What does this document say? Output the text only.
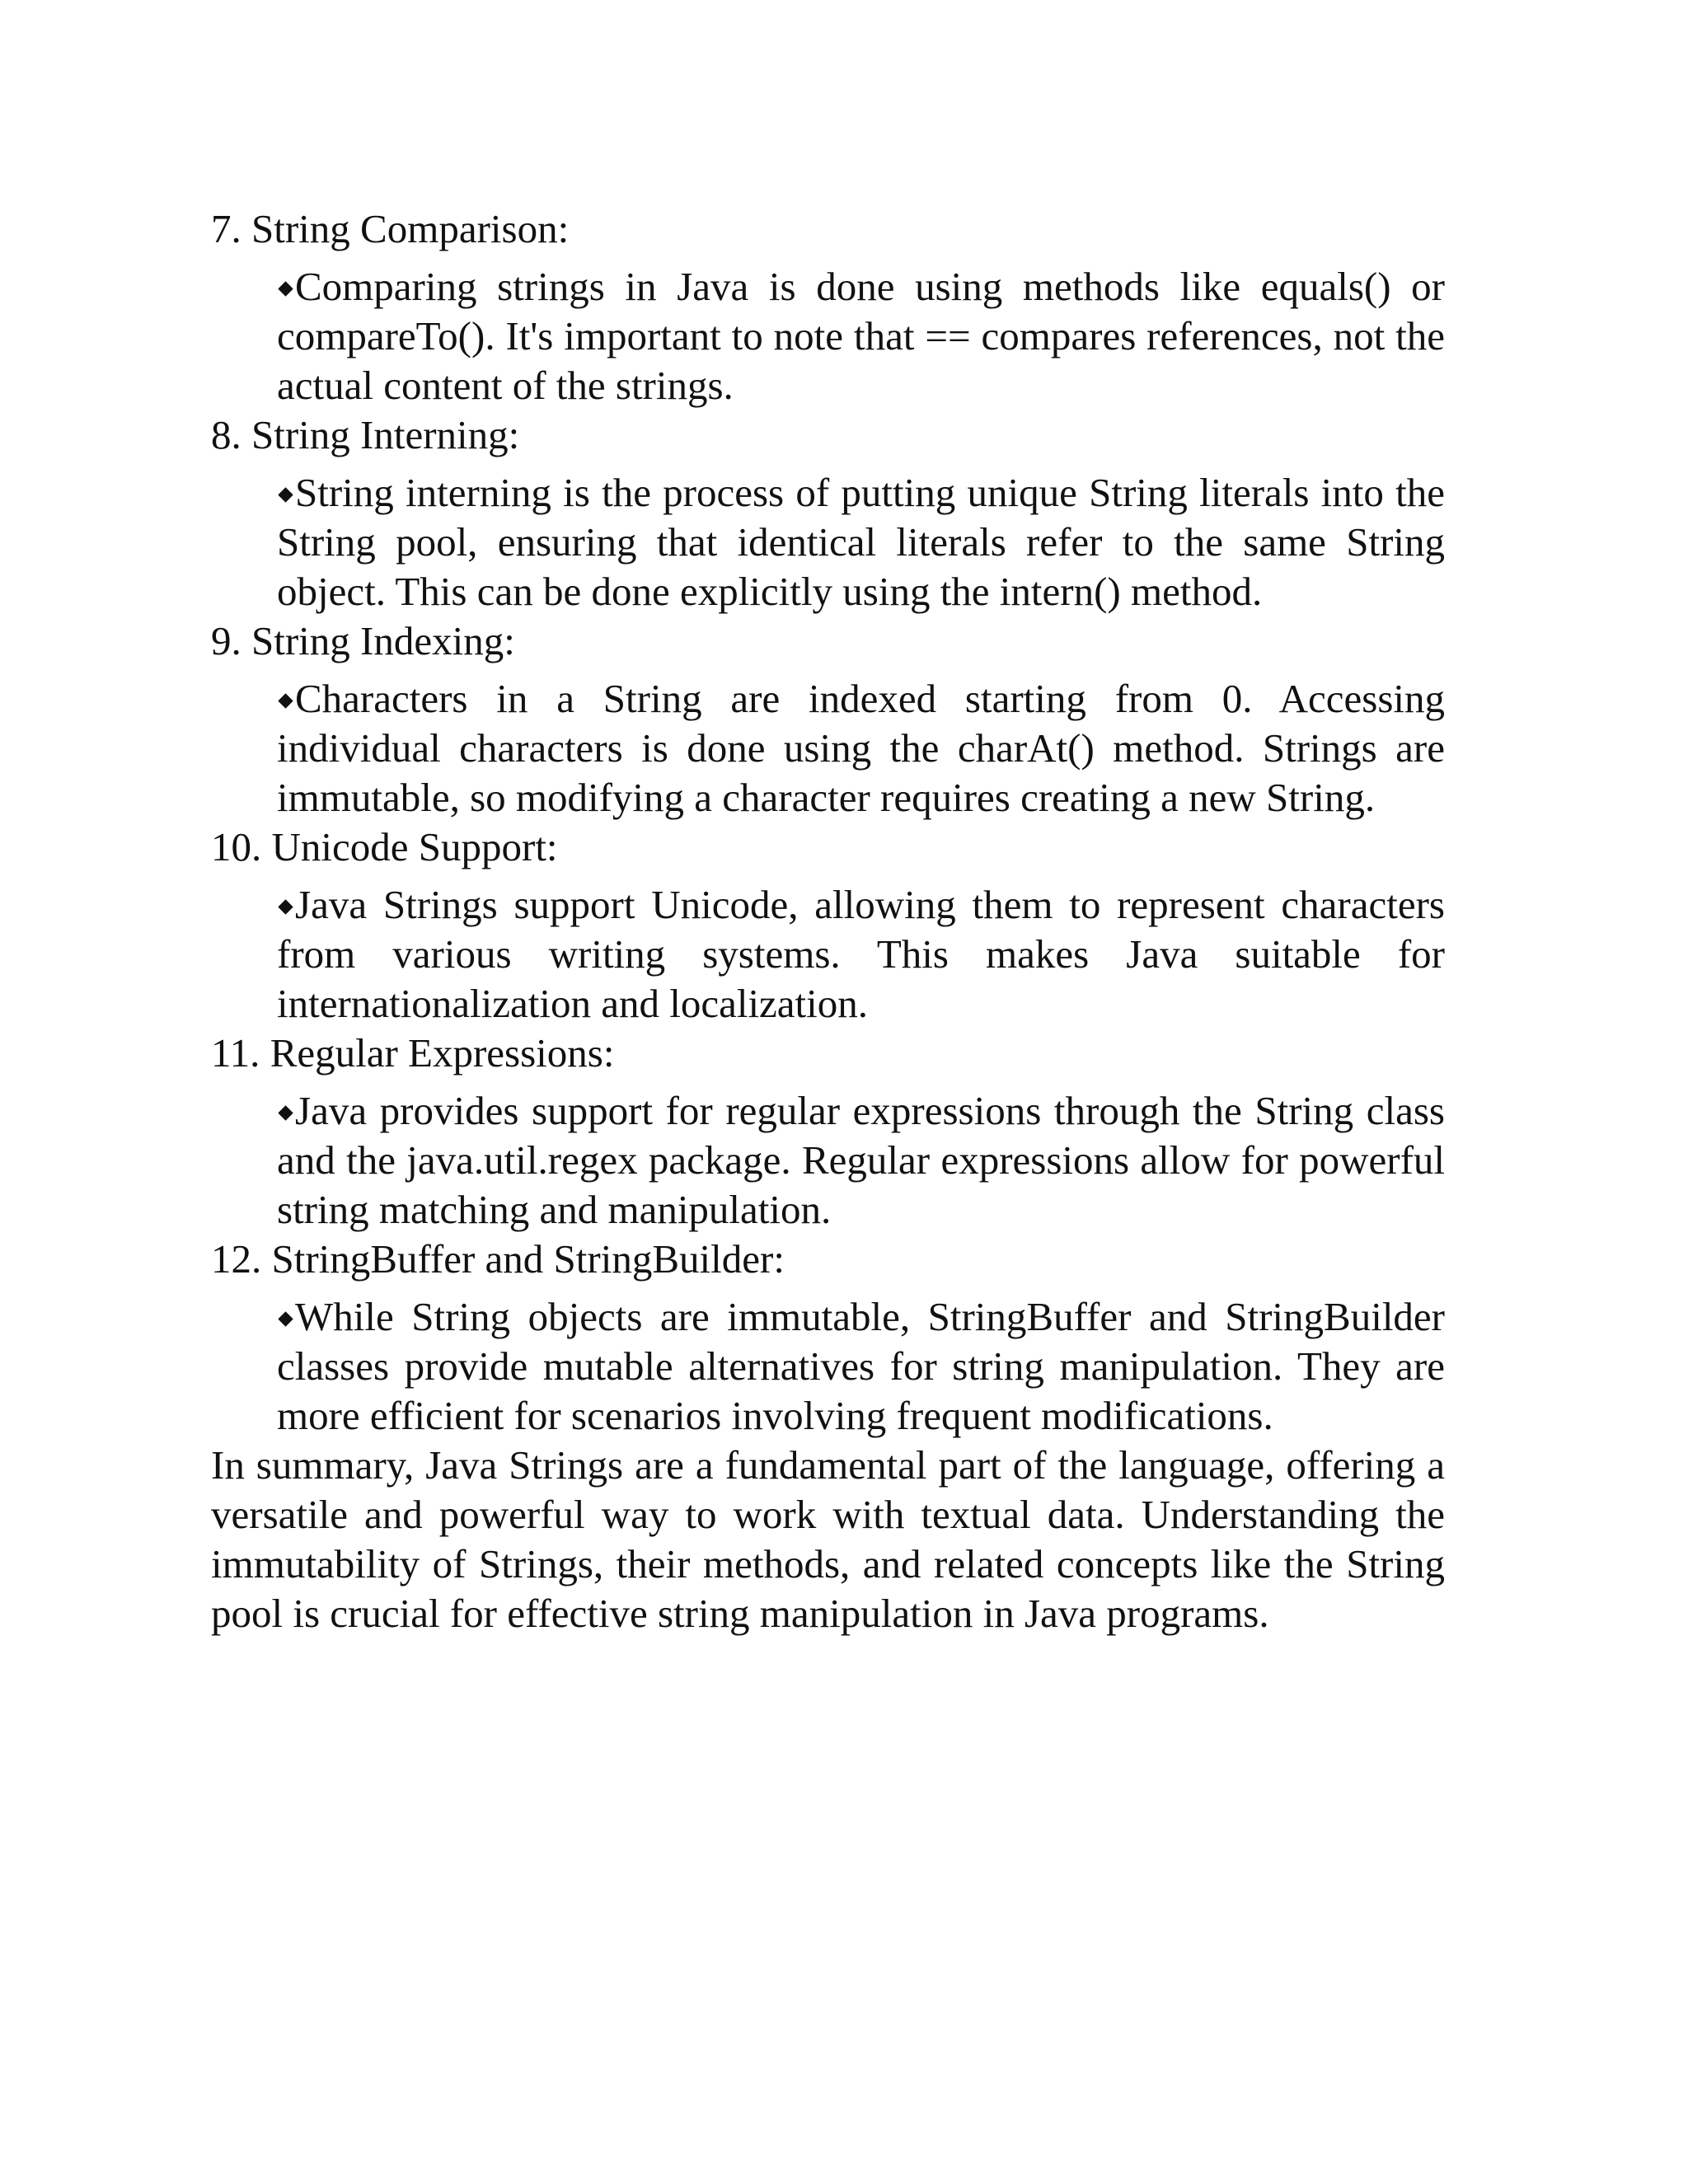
7. String Comparison:
Comparing strings in Java is done using methods like equals() or compareTo(). It's important to note that == compares references, not the actual content of the strings.
8. String Interning:
String interning is the process of putting unique String literals into the String pool, ensuring that identical literals refer to the same String object. This can be done explicitly using the intern() method.
9. String Indexing:
Characters in a String are indexed starting from 0. Accessing individual characters is done using the charAt() method. Strings are immutable, so modifying a character requires creating a new String.
10. Unicode Support:
Java Strings support Unicode, allowing them to represent characters from various writing systems. This makes Java suitable for internationalization and localization.
11. Regular Expressions:
Java provides support for regular expressions through the String class and the java.util.regex package. Regular expressions allow for powerful string matching and manipulation.
12. StringBuffer and StringBuilder:
While String objects are immutable, StringBuffer and StringBuilder classes provide mutable alternatives for string manipulation. They are more efficient for scenarios involving frequent modifications.

In summary, Java Strings are a fundamental part of the language, offering a versatile and powerful way to work with textual data. Understanding the immutability of Strings, their methods, and related concepts like the String pool is crucial for effective string manipulation in Java programs.
